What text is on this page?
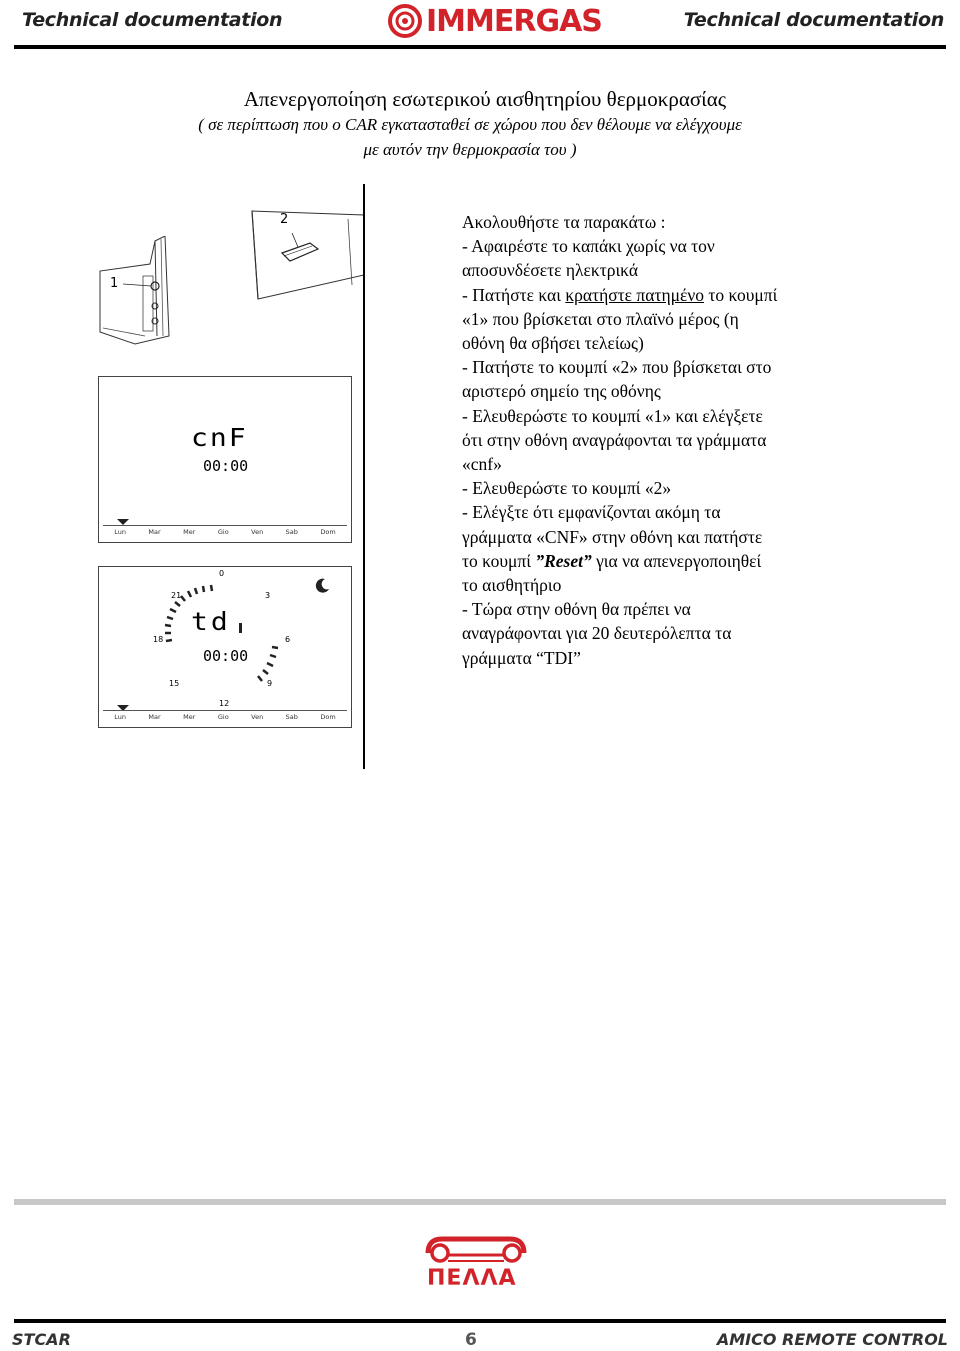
Technical documentation	IMMERGAS	Technical documentation
Απενεργοποίηση εσωτερικού αισθητηρίου θερμοκρασίας
( σε περίπτωση που ο CAR εγκατασταθεί σε χώρου που δεν θέλουμε να ελέγχουμε
με αυτόν την θερμοκρασία του )
1
2
cnF
00:00
Lun	Mar	Mer	Gio	Ven	Sab	Dom
0
3
6
9
12
15
18
21
td
00:00
Lun	Mar	Mer	Gio	Ven	Sab	Dom
Ακολουθήστε τα παρακάτω :
- Αφαιρέστε το καπάκι χωρίς να τον
αποσυνδέσετε ηλεκτρικά
- Πατήστε και κρατήστε πατημένο το κουμπί
«1» που βρίσκεται στο πλαϊνό μέρος (η
οθόνη θα σβήσει τελείως)
- Πατήστε το κουμπί «2» που βρίσκεται στο
αριστερό σημείο της οθόνης
- Ελευθερώστε το κουμπί «1» και ελέγξετε
ότι στην οθόνη αναγράφονται τα γράμματα
«cnf»
- Ελευθερώστε το κουμπί «2»
- Ελέγξτε ότι εμφανίζονται ακόμη τα
γράμματα «CNF» στην οθόνη και πατήστε
το κουμπί ”Reset” για να απενεργοποιηθεί
το αισθητήριο
- Τώρα στην οθόνη θα πρέπει να
αναγράφονται για 20 δευτερόλεπτα τα
γράμματα “TDI”
ΠΕΛΛΑ
STCAR	6	AMICO REMOTE CONTROL
